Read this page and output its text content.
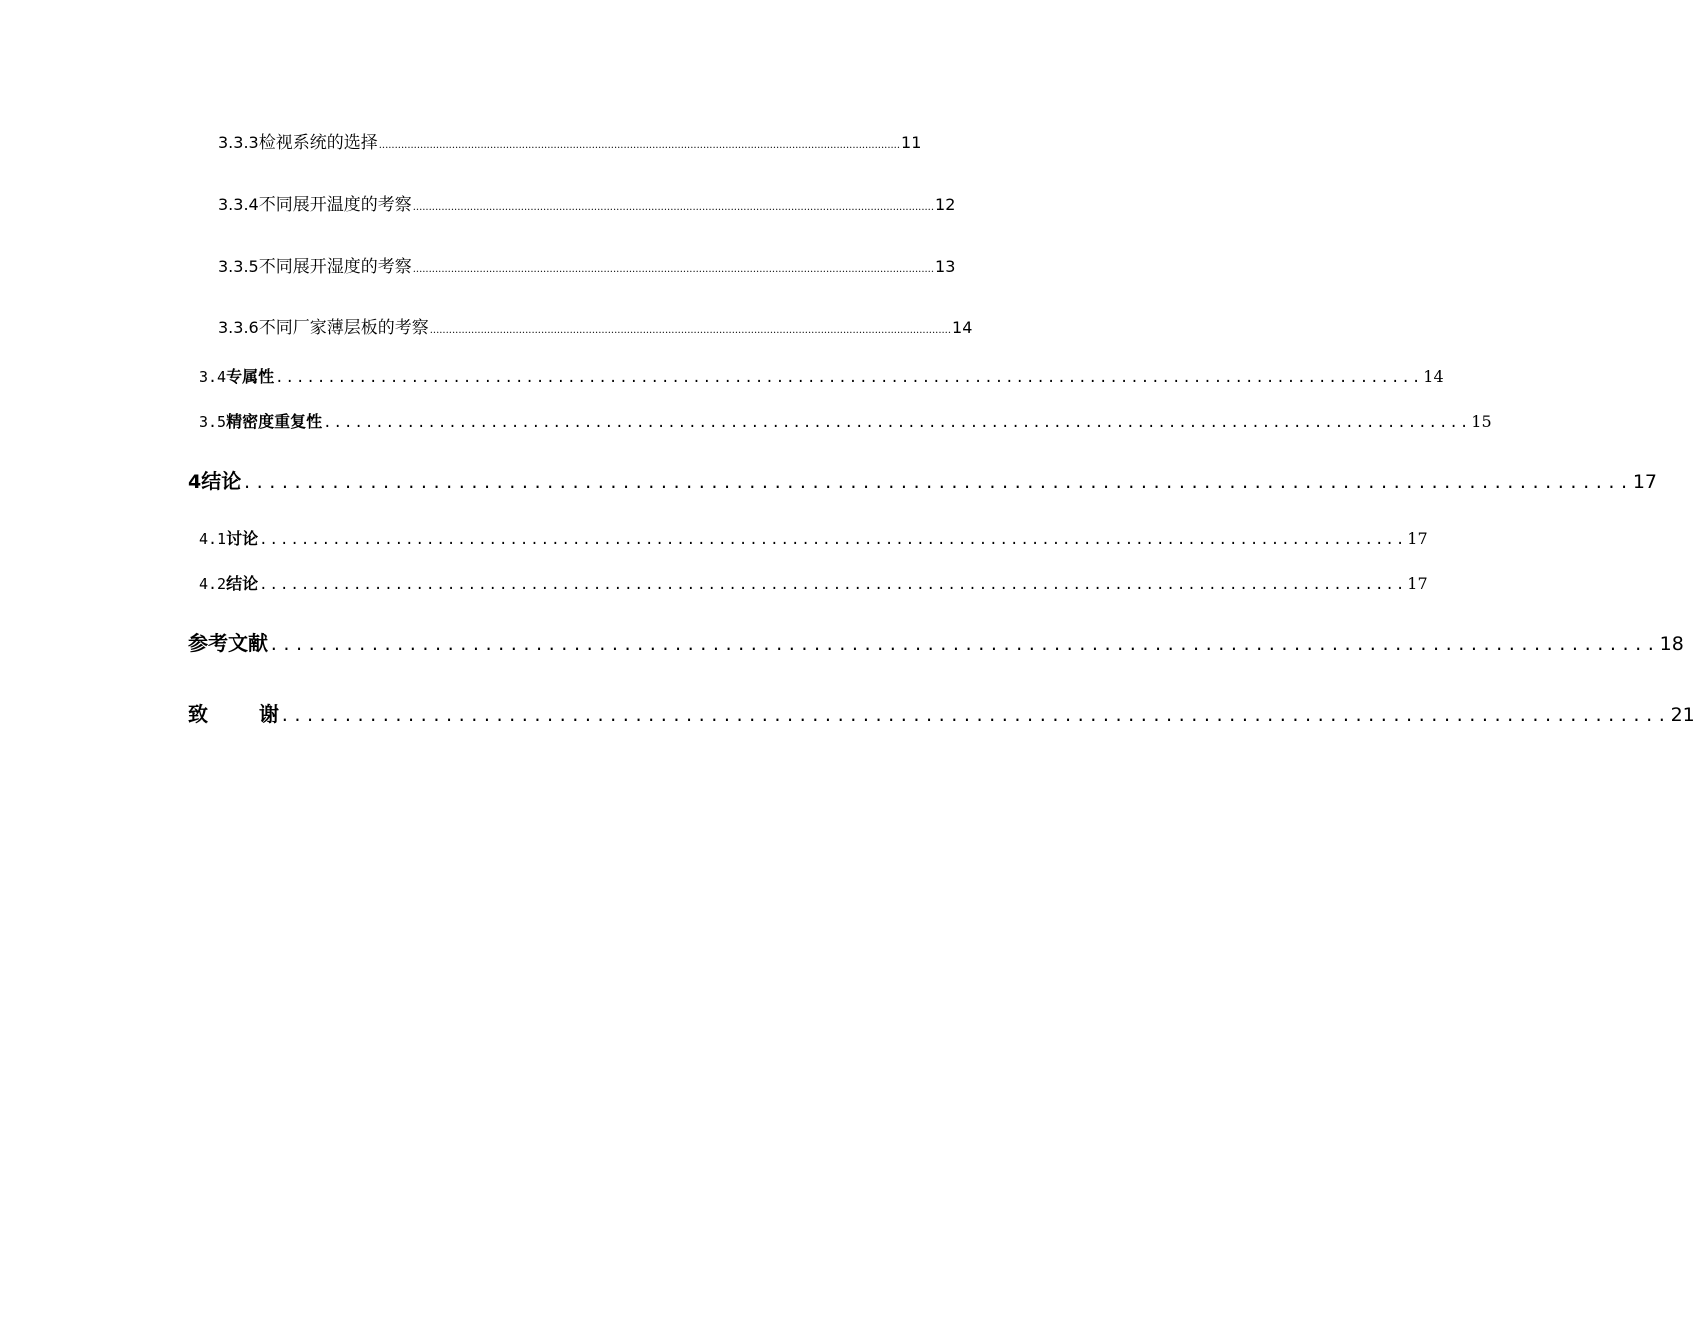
3.3.3 检视系统的选择 .................................................................................................................................................................... 11
3.3.4 不同展开温度的考察 .................................................................................................................................................................... 12
3.3.5 不同展开湿度的考察 .................................................................................................................................................................... 13
3.3.6 不同厂家薄层板的考察 .................................................................................................................................................................... 14
3.4 专属性 .............................................................................................................. 14
3.5 精密度重复性 .............................................................................................................. 15
4 结论 .............................................................................................................. 17
4.1 讨论 .............................................................................................................. 17
4.2 结论 .............................................................................................................. 17
参考文献 .............................................................................................................. 18
致 谢 .............................................................................................................. 21
